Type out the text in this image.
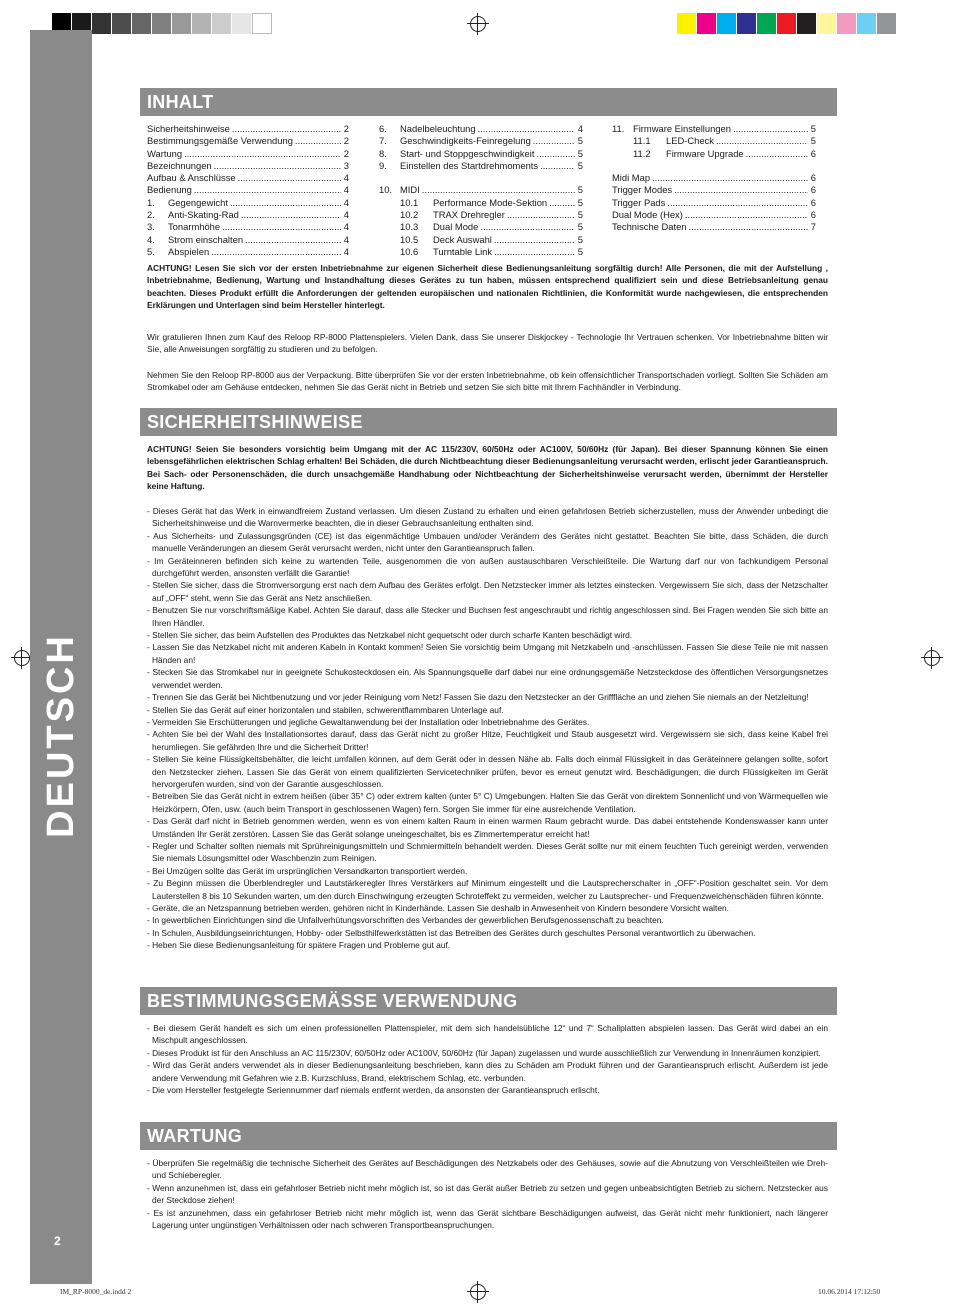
DEUTSCH
2
INHALT
Sicherheitshinweise .....	2
Bestimmungsgemäße Verwendung .....	2
Wartung .....	2
Bezeichnungen .....	3
Aufbau & Anschlüsse .....	4
Bedienung .....	4
1.	Gegengewicht .....	4
2.	Anti-Skating-Rad .....	4
3.	Tonarmhöhe .....	4
4.	Strom einschalten .....	4
5.	Abspielen .....	4
6.	Nadelbeleuchtung .....	4
7.	Geschwindigkeits-Feinregelung .....	5
8.	Start- und Stoppgeschwindigkeit .....	5
9.	Einstellen des Startdrehmoments .....	5
10. MIDI .....	5
10.1	Performance Mode-Sektion .....	5
10.2	TRAX Drehregler .....	5
10.3	Dual Mode .....	5
10.5	Deck Auswahl .....	5
10.6	Turntable Link .....	5
11. Firmware Einstellungen .....	5
11.1	LED-Check .....	5
11.2	Firmware Upgrade .....	6
Midi Map .....	6
Trigger Modes .....	6
Trigger Pads .....	6
Dual Mode (Hex) .....	6
Technische Daten .....	7

ACHTUNG! Lesen Sie sich vor der ersten Inbetriebnahme zur eigenen Sicherheit diese Bedienungsanleitung sorgfältig durch! Alle Personen, die mit der Aufstellung , Inbetriebnahme, Bedienung, Wartung und Instandhaltung dieses Gerätes zu tun haben, müssen entsprechend qualifiziert sein und diese Betriebsanleitung genau beachten. Dieses Produkt erfüllt die Anforderungen der geltenden europäischen und nationalen Richtlinien, die Konformität wurde nachgewiesen, die entsprechenden Erklärungen und Unterlagen sind beim Hersteller hinterlegt.

Wir gratulieren Ihnen zum Kauf des Reloop RP-8000 Plattenspielers. Vielen Dank, dass Sie unserer Diskjockey - Technologie Ihr Vertrauen schenken. Vor Inbetriebnahme bitten wir Sie, alle Anweisungen sorgfältig zu studieren und zu befolgen.

Nehmen Sie den Reloop RP-8000 aus der Verpackung. Bitte überprüfen Sie vor der ersten Inbetriebnahme, ob kein offensichtlicher Transportschaden vorliegt. Sollten Sie Schäden am Stromkabel oder am Gehäuse entdecken, nehmen Sie das Gerät nicht in Betrieb und setzen Sie sich bitte mit Ihrem Fachhändler in Verbindung.

SICHERHEITSHINWEISE

ACHTUNG! Seien Sie besonders vorsichtig beim Umgang mit der AC 115/230V, 60/50Hz oder AC100V, 50/60Hz (für Japan). Bei dieser Spannung können Sie einen lebensgefährlichen elektrischen Schlag erhalten! Bei Schäden, die durch Nichtbeachtung dieser Bedienungsanleitung verursacht werden, erlischt jeder Garantieanspruch. Bei Sach- oder Personenschäden, die durch unsachgemäße Handhabung oder Nichtbeachtung der Sicherheitshinweise verursacht werden, übernimmt der Hersteller keine Haftung.

- Dieses Gerät hat das Werk in einwandfreiem Zustand verlassen. Um diesen Zustand zu erhalten und einen gefahrlosen Betrieb sicherzustellen, muss der Anwender unbedingt die Sicherheitshinweise und die Warnvermerke beachten, die in dieser Gebrauchsanleitung enthalten sind.
- Aus Sicherheits- und Zulassungsgründen (CE) ist das eigenmächtige Umbauen und/oder Verändern des Gerätes nicht gestattet. Beachten Sie bitte, dass Schäden, die durch manuelle Veränderungen an diesem Gerät verursacht werden, nicht unter den Garantieanspruch fallen.
- Im Geräteinneren befinden sich keine zu wartenden Teile, ausgenommen die von außen austauschbaren Verschleißteile. Die Wartung darf nur von fachkundigem Personal durchgeführt werden, ansonsten verfällt die Garantie!
- Stellen Sie sicher, dass die Stromversorgung erst nach dem Aufbau des Gerätes erfolgt. Den Netzstecker immer als letztes einstecken. Vergewissern Sie sich, dass der Netzschalter auf „OFF“ steht, wenn Sie das Gerät ans Netz anschließen.
- Benutzen Sie nur vorschriftsmäßige Kabel. Achten Sie darauf, dass alle Stecker und Buchsen fest angeschraubt und richtig angeschlossen sind. Bei Fragen wenden Sie sich bitte an Ihren Händler.
- Stellen Sie sicher, das beim Aufstellen des Produktes das Netzkabel nicht gequetscht oder durch scharfe Kanten beschädigt wird.
- Lassen Sie das Netzkabel nicht mit anderen Kabeln in Kontakt kommen! Seien Sie vorsichtig beim Umgang mit Netzkabeln und -anschlüssen. Fassen Sie diese Teile nie mit nassen Händen an!
- Stecken Sie das Stromkabel nur in geeignete Schukosteckdosen ein. Als Spannungsquelle darf dabei nur eine ordnungsgemäße Netzsteckdose des öffentlichen Versorgungsnetzes verwendet werden.
- Trennen Sie das Gerät bei Nichtbenutzung und vor jeder Reinigung vom Netz! Fassen Sie dazu den Netzstecker an der Grifffläche an und ziehen Sie niemals an der Netzleitung!
- Stellen Sie das Gerät auf einer horizontalen und stabilen, schwerentflammbaren Unterlage auf.
- Vermeiden Sie Erschütterungen und jegliche Gewaltanwendung bei der Installation oder Inbetriebnahme des Gerätes.
- Achten Sie bei der Wahl des Installationsortes darauf, dass das Gerät nicht zu großer Hitze, Feuchtigkeit und Staub ausgesetzt wird. Vergewissern sie sich, dass keine Kabel frei herumliegen. Sie gefährden Ihre und die Sicherheit Dritter!
- Stellen Sie keine Flüssigkeitsbehälter, die leicht umfallen können, auf dem Gerät oder in dessen Nähe ab. Falls doch einmal Flüssigkeit in das Geräteinnere gelangen sollte, sofort den Netzstecker ziehen. Lassen Sie das Gerät von einem qualifizierten Servicetechniker prüfen, bevor es erneut genutzt wird. Beschädigungen, die durch Flüssigkeiten im Gerät hervorgerufen wurden, sind von der Garantie ausgeschlossen.
- Betreiben Sie das Gerät nicht in extrem heißen (über 35° C) oder extrem kalten (unter 5° C) Umgebungen. Halten Sie das Gerät von direktem Sonnenlicht und von Wärmequellen wie Heizkörpern, Öfen, usw. (auch beim Transport in geschlossenen Wagen) fern. Sorgen Sie immer für eine ausreichende Ventilation.
- Das Gerät darf nicht in Betrieb genommen werden, wenn es von einem kalten Raum in einen warmen Raum gebracht wurde. Das dabei entstehende Kondenswasser kann unter Umständen Ihr Gerät zerstören. Lassen Sie das Gerät solange uneingeschaltet, bis es Zimmertemperatur erreicht hat!
- Regler und Schalter sollten niemals mit Sprühreinigungsmitteln und Schmiermitteln behandelt werden. Dieses Gerät sollte nur mit einem feuchten Tuch gereinigt werden, verwenden Sie niemals Lösungsmittel oder Waschbenzin zum Reinigen.
- Bei Umzügen sollte das Gerät im ursprünglichen Versandkarton transportiert werden.
- Zu Beginn müssen die Überblendregler und Lautstärkeregler Ihres Verstärkers auf Minimum eingestellt und die Lautsprecherschalter in „OFF“-Position geschaltet sein. Vor dem Lauterstellen 8 bis 10 Sekunden warten, um den durch Einschwingung erzeugten Schroteffekt zu vermeiden, welcher zu Lautsprecher- und Frequenzweichenschäden führen könnte.
- Geräte, die an Netzspannung betrieben werden, gehören nicht in Kinderhände. Lassen Sie deshalb in Anwesenheit von Kindern besondere Vorsicht walten.
- In gewerblichen Einrichtungen sind die Unfallverhütungsvorschriften des Verbandes der gewerblichen Berufsgenossenschaft zu beachten.
- In Schulen, Ausbildungseinrichtungen, Hobby- oder Selbsthilfewerkstätten ist das Betreiben des Gerätes durch geschultes Personal verantwortlich zu überwachen.
- Heben Sie diese Bedienungsanleitung für spätere Fragen und Probleme gut auf.
BESTIMMUNGSGEMÄSSE VERWENDUNG
- Bei diesem Gerät handelt es sich um einen professionellen Plattenspieler, mit dem sich handelsübliche 12“ und 7“ Schallplatten abspielen lassen. Das Gerät wird dabei an ein Mischpult angeschlossen.
- Dieses Produkt ist für den Anschluss an AC 115/230V, 60/50Hz oder AC100V, 50/60Hz (für Japan) zugelassen und wurde ausschließlich zur Verwendung in Innenräumen konzipiert.
- Wird das Gerät anders verwendet als in dieser Bedienungsanleitung beschrieben, kann dies zu Schäden am Produkt führen und der Garantieanspruch erlischt. Außerdem ist jede andere Verwendung mit Gefahren wie z.B. Kurzschluss, Brand, elektrischem Schlag, etc. verbunden.
- Die vom Hersteller festgelegte Seriennummer darf niemals entfernt werden, da ansonsten der Garantieanspruch erlischt.
WARTUNG
- Überprüfen Sie regelmäßig die technische Sicherheit des Gerätes auf Beschädigungen des Netzkabels oder des Gehäuses, sowie auf die Abnutzung von Verschleißteilen wie Dreh- und Schieberegler.
- Wenn anzunehmen ist, dass ein gefahrloser Betrieb nicht mehr möglich ist, so ist das Gerät außer Betrieb zu setzen und gegen unbeabsichtigten Betrieb zu sichern. Netzstecker aus der Steckdose ziehen!
- Es ist anzunehmen, dass ein gefahrloser Betrieb nicht mehr möglich ist, wenn das Gerät sichtbare Beschädigungen aufweist, das Gerät nicht mehr funktioniert, nach längerer Lagerung unter ungünstigen Verhältnissen oder nach schweren Transportbeanspruchungen.
IM_RP-8000_de.indd 2	10.06.2014 17:12:50
